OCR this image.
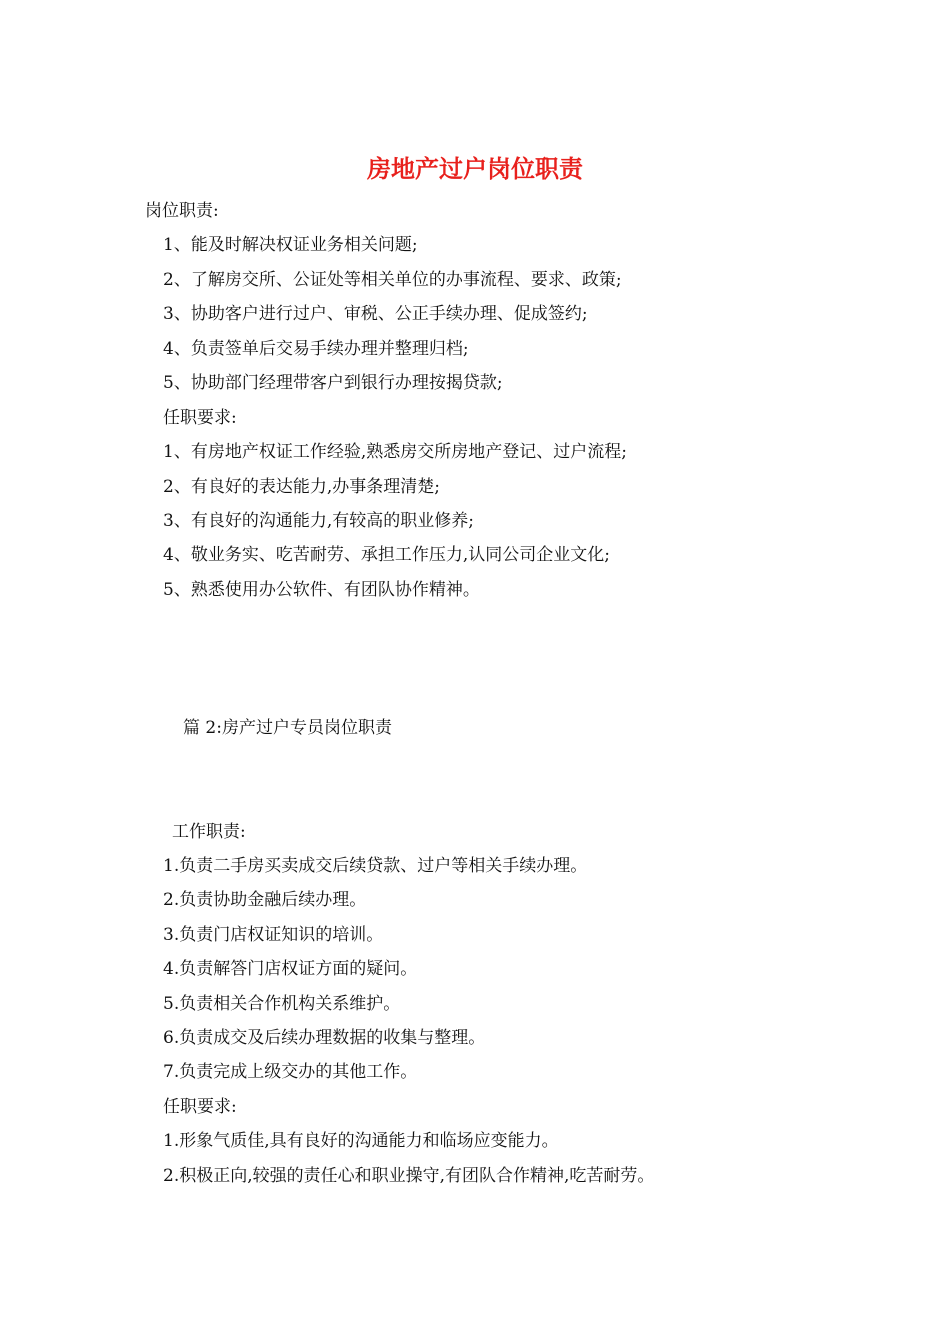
房地产过户岗位职责

岗位职责:

1、能及时解决权证业务相关问题;

2、了解房交所、公证处等相关单位的办事流程、要求、政策;

3、协助客户进行过户、审税、公正手续办理、促成签约;

4、负责签单后交易手续办理并整理归档;

5、协助部门经理带客户到银行办理按揭贷款;

任职要求:

1、有房地产权证工作经验,熟悉房交所房地产登记、过户流程;

2、有良好的表达能力,办事条理清楚;

3、有良好的沟通能力,有较高的职业修养;

4、敬业务实、吃苦耐劳、承担工作压力,认同公司企业文化;

5、熟悉使用办公软件、有团队协作精神。

篇 2:房产过户专员岗位职责

工作职责:

1.负责二手房买卖成交后续贷款、过户等相关手续办理。

2.负责协助金融后续办理。

3.负责门店权证知识的培训。

4.负责解答门店权证方面的疑问。

5.负责相关合作机构关系维护。

6.负责成交及后续办理数据的收集与整理。

7.负责完成上级交办的其他工作。

任职要求:

1.形象气质佳,具有良好的沟通能力和临场应变能力。

2.积极正向,较强的责任心和职业操守,有团队合作精神,吃苦耐劳。
